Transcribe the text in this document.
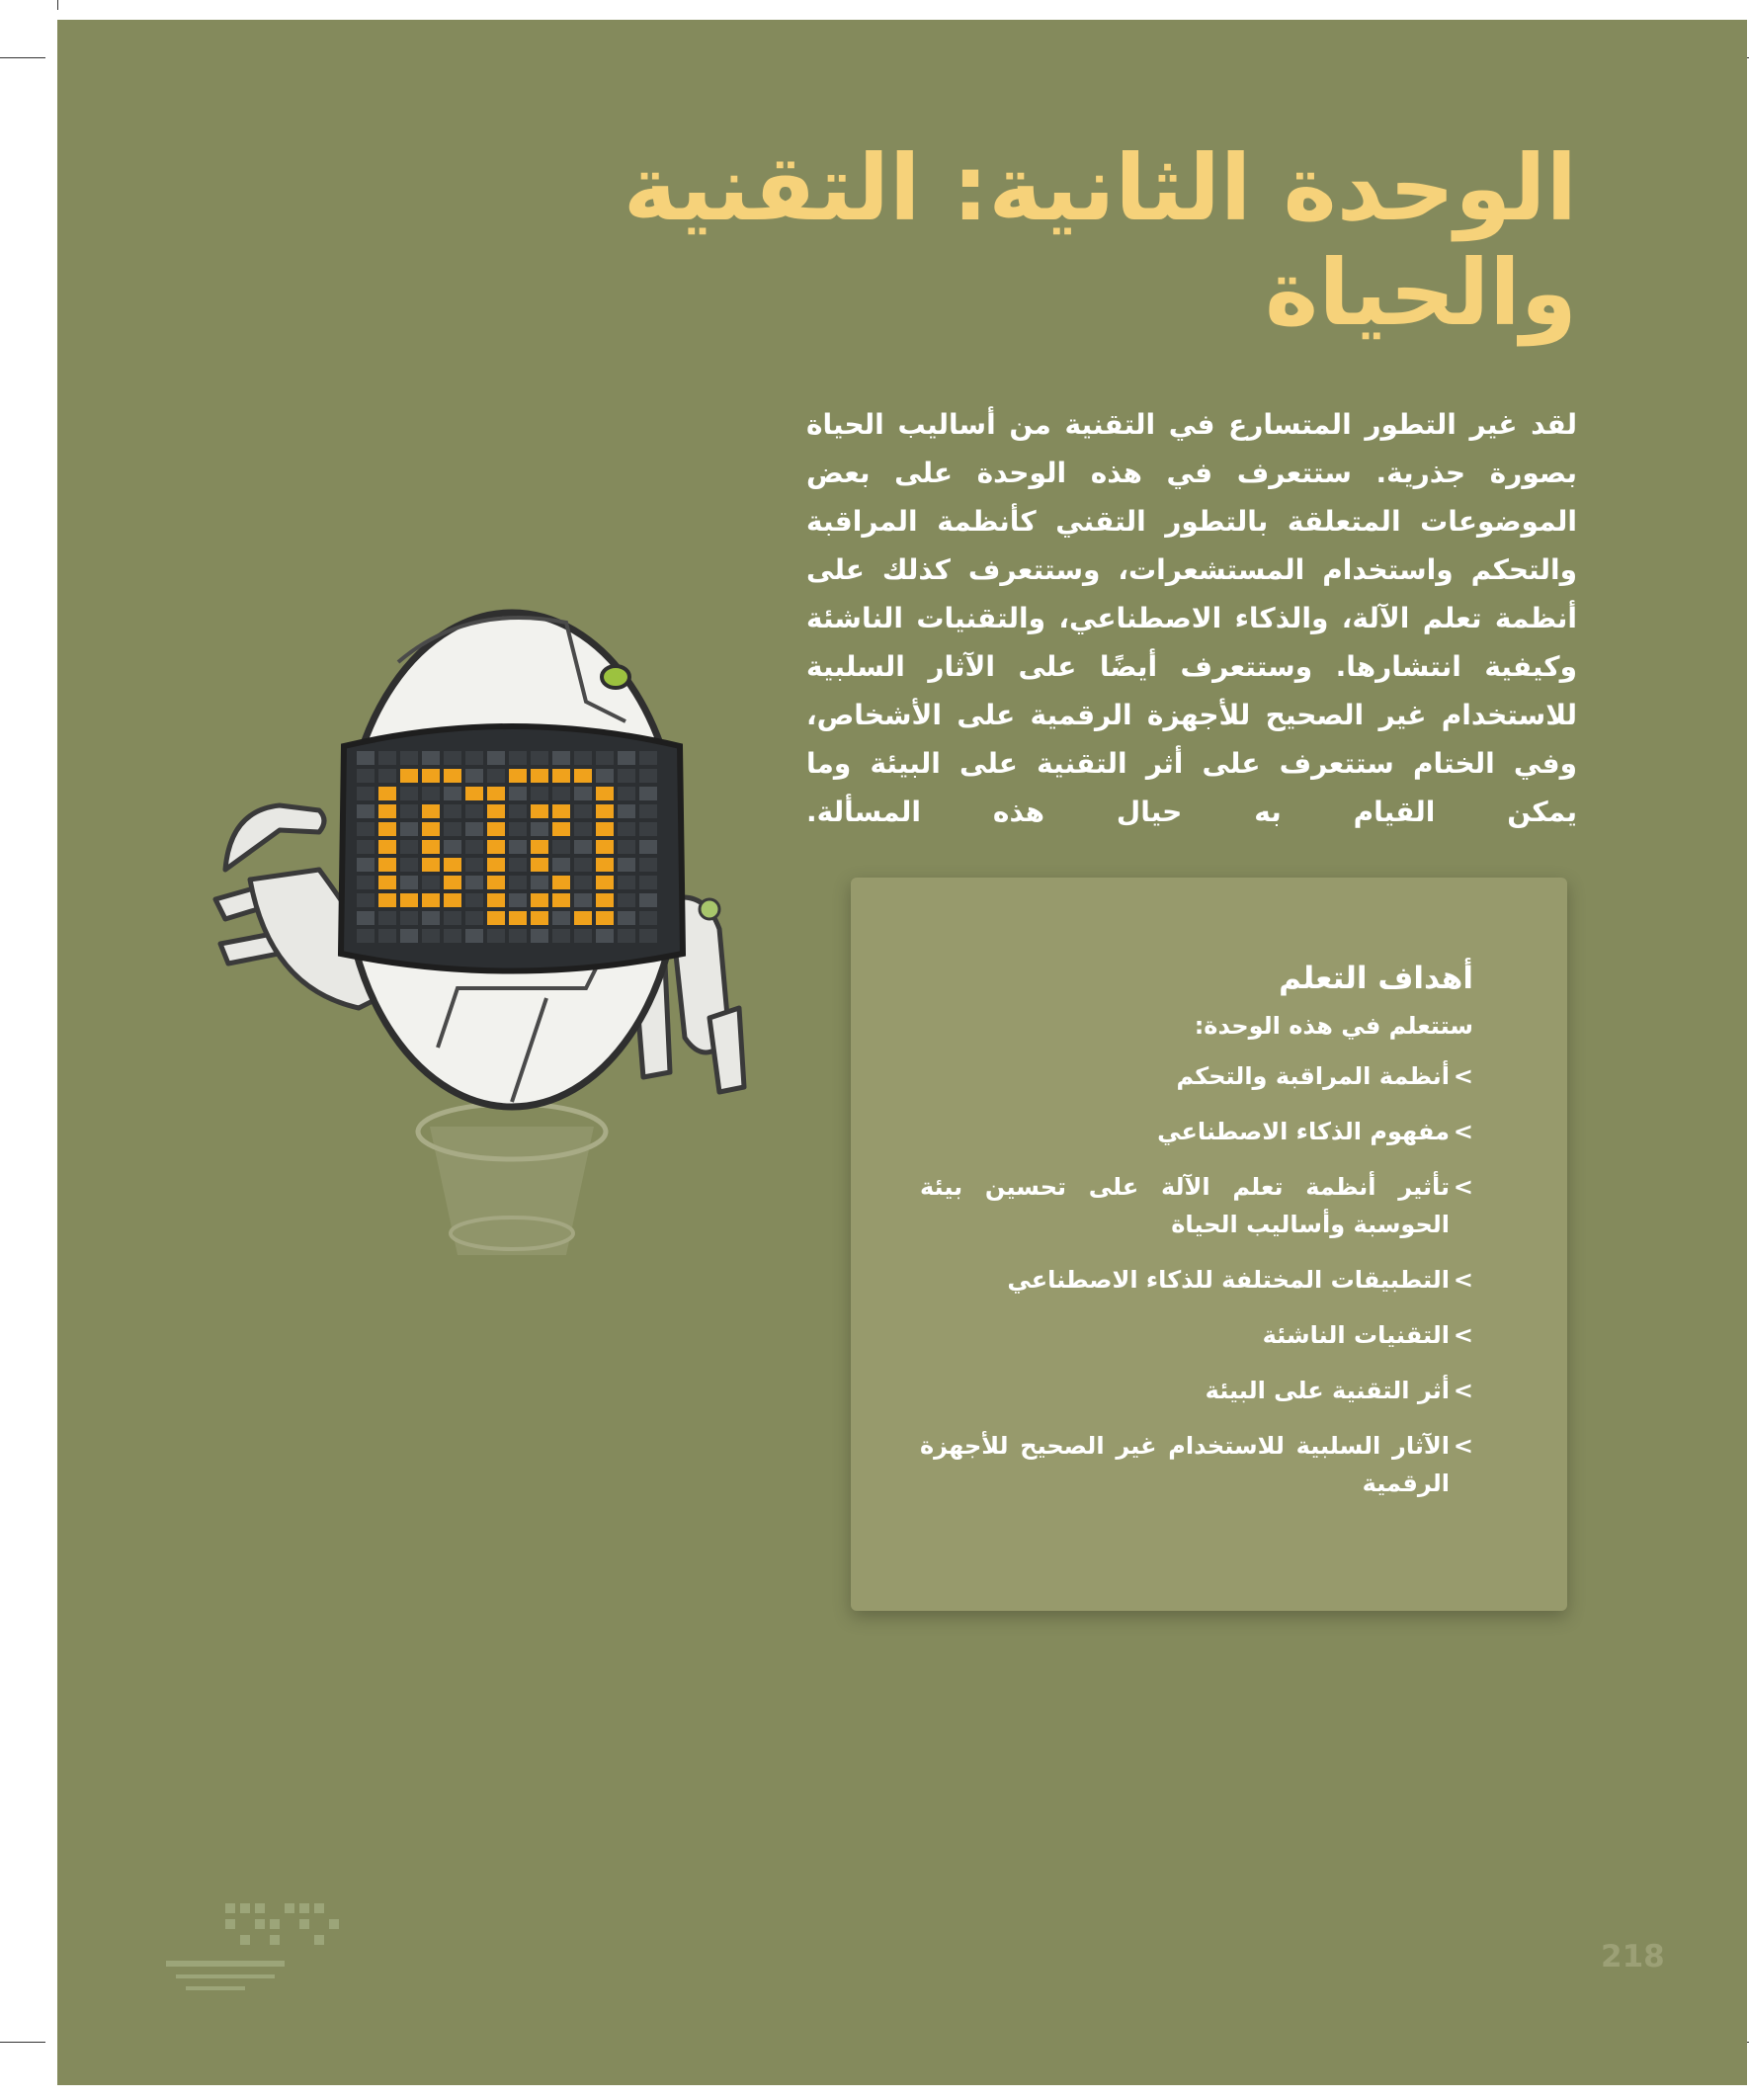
الوحدة الثانية: التقنية والحياة
لقد غير التطور المتسارع في التقنية من أساليب الحياة بصورة جذرية. ستتعرف في هذه الوحدة على بعض الموضوعات المتعلقة بالتطور التقني كأنظمة المراقبة والتحكم واستخدام المستشعرات، وستتعرف كذلك على أنظمة تعلم الآلة، والذكاء الاصطناعي، والتقنيات الناشئة وكيفية انتشارها. وستتعرف أيضًا على الآثار السلبية للاستخدام غير الصحيح للأجهزة الرقمية على الأشخاص، وفي الختام ستتعرف على أثر التقنية على البيئة وما يمكن القيام به حيال هذه المسألة.
أهداف التعلم
ستتعلم في هذه الوحدة:
>
أنظمة المراقبة والتحكم
>
مفهوم الذكاء الاصطناعي
>
تأثير أنظمة تعلم الآلة على تحسين بيئة الحوسبة وأساليب الحياة
>
التطبيقات المختلفة للذكاء الاصطناعي
>
التقنيات الناشئة
>
أثر التقنية على البيئة
>
الآثار السلبية للاستخدام غير الصحيح للأجهزة الرقمية
218
